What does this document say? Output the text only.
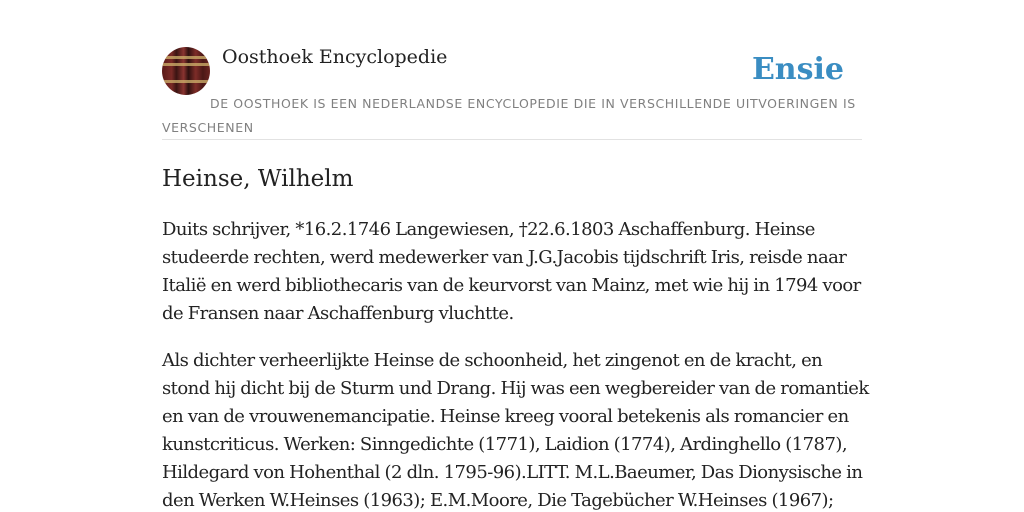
Oosthoek Encyclopedie	Ensie
DE OOSTHOEK IS EEN NEDERLANDSE ENCYCLOPEDIE DIE IN VERSCHILLENDE UITVOERINGEN IS VERSCHENEN
Heinse, Wilhelm

Duits schrijver, *16.2.1746 Langewiesen, †22.6.1803 Aschaffenburg. Heinse
studeerde rechten, werd medewerker van J.G.Jacobis tijdschrift Iris, reisde naar
Italië en werd bibliothecaris van de keurvorst van Mainz, met wie hij in 1794 voor
de Fransen naar Aschaffenburg vluchtte.

Als dichter verheerlijkte Heinse de schoonheid, het zingenot en de kracht, en
stond hij dicht bij de Sturm und Drang. Hij was een wegbereider van de romantiek
en van de vrouwenemancipatie. Heinse kreeg vooral betekenis als romancier en
kunstcriticus. Werken: Sinngedichte (1771), Laidion (1774), Ardinghello (1787),
Hildegard von Hohenthal (2 dln. 1795-96).LITT. M.L.Baeumer, Das Dionysische in
den Werken W.Heinses (1963); E.M.Moore, Die Tagebücher W.Heinses (1967);
